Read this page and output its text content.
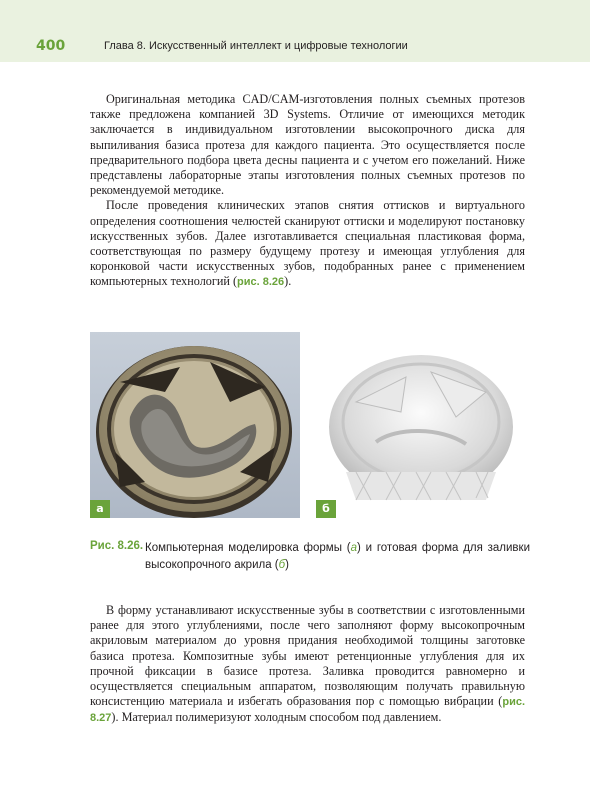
400	Глава 8. Искусственный интеллект и цифровые технологии

Оригинальная методика CAD/CAM-изготовления полных съемных протезов также предложена компанией 3D Systems. Отличие от имеющихся методик заключается в индивидуальном изготовлении высокопрочного диска для выпиливания базиса протеза для каждого пациента. Это осуществляется после предварительного подбора цвета десны пациента и с учетом его пожеланий. Ниже представлены лабораторные этапы изготовления полных съемных протезов по рекомендуемой методике.

После проведения клинических этапов снятия оттисков и виртуального определения соотношения челюстей сканируют оттиски и моделируют постановку искусственных зубов. Далее изготавливается специальная пластиковая форма, соответствующая по размеру будущему протезу и имеющая углубления для коронковой части искусственных зубов, подобранных ранее с применением компьютерных технологий (рис. 8.26).

а	б
Рис. 8.26. Компьютерная моделировка формы (а) и готовая форма для заливки высокопрочного акрила (б)

В форму устанавливают искусственные зубы в соответствии с изготовленными ранее для этого углублениями, после чего заполняют форму высокопрочным акриловым материалом до уровня придания необходимой толщины заготовке базиса протеза. Композитные зубы имеют ретенционные углубления для их прочной фиксации в базисе протеза. Заливка проводится равномерно и осуществляется специальным аппаратом, позволяющим получать правильную консистенцию материала и избегать образования пор с помощью вибрации (рис. 8.27). Материал полимеризуют холодным способом под давлением.
